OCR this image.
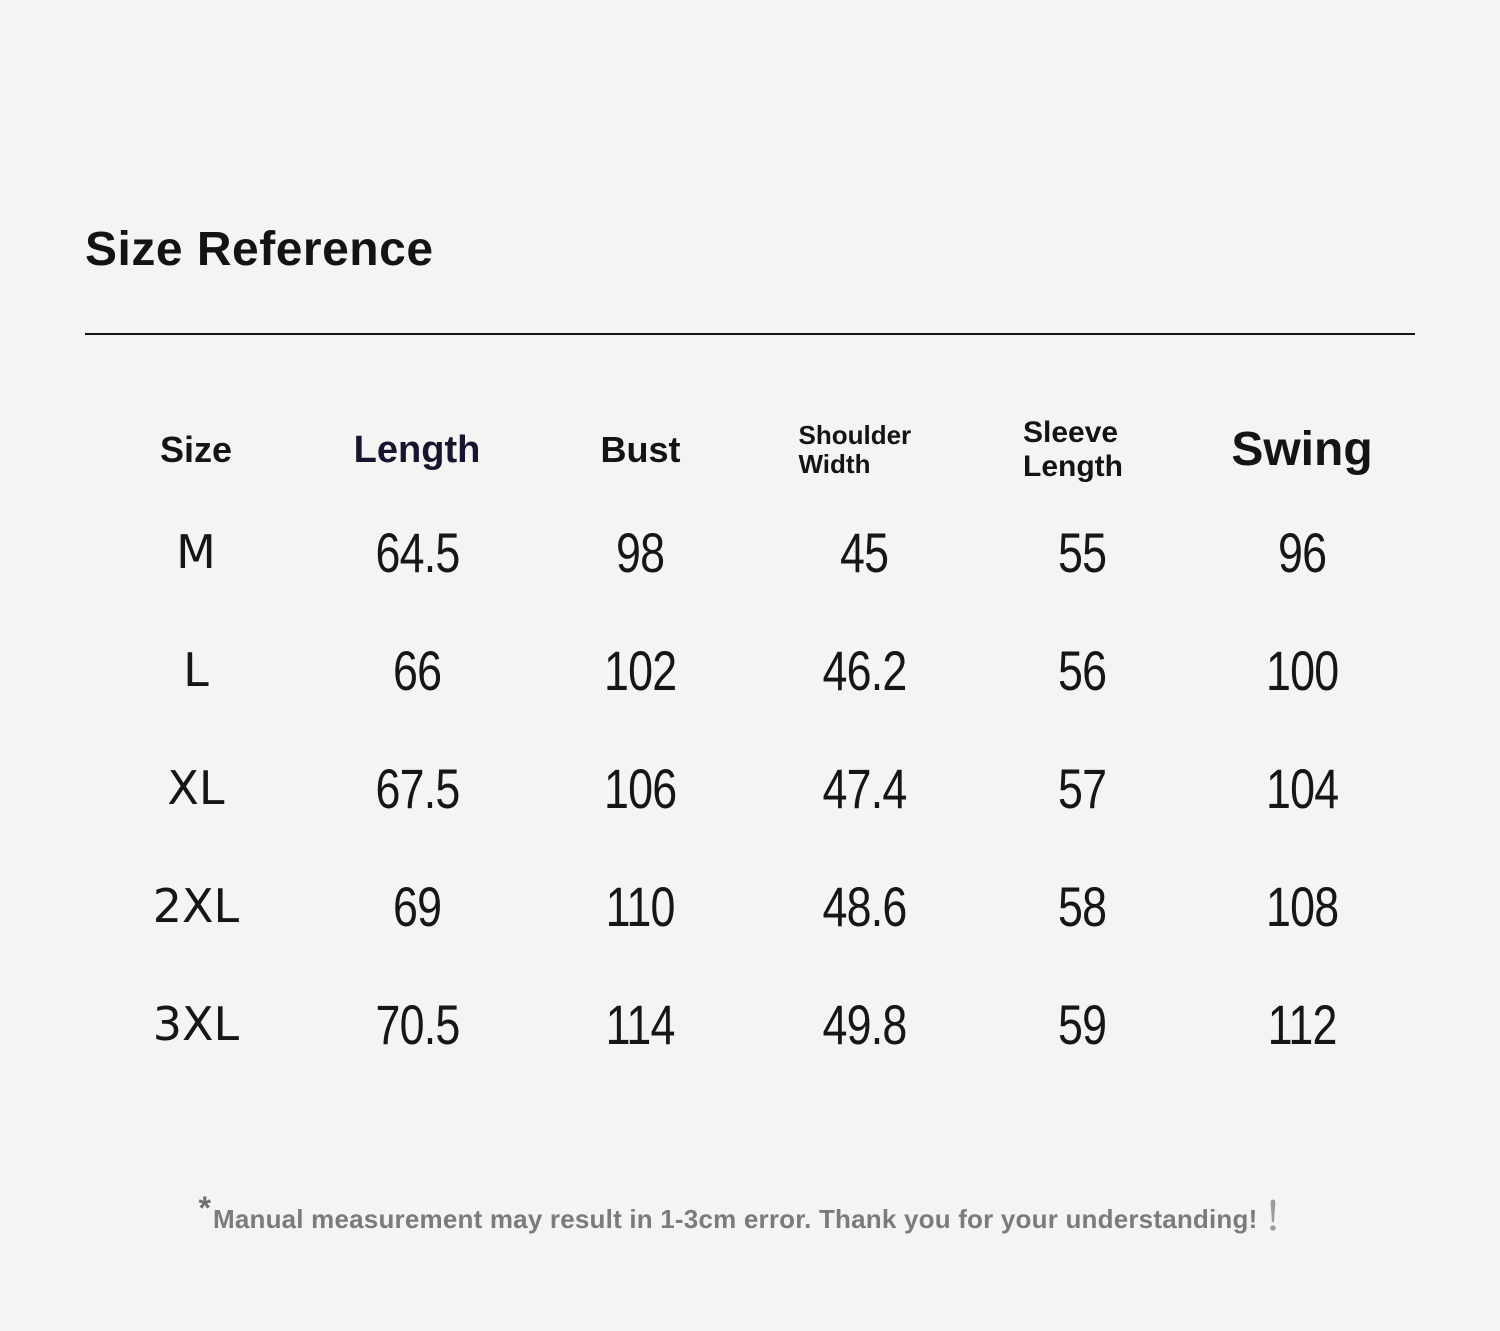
Size Reference
Size	Length	Bust	Shoulder Width	Sleeve Length	Swing
M	64.5	98	45	55	96
L	66	102	46.2	56	100
XL	67.5	106	47.4	57	104
2XL	69	110	48.6	58	108
3XL	70.5	114	49.8	59	112
*Manual measurement may result in 1-3cm error. Thank you for your understanding! ！
